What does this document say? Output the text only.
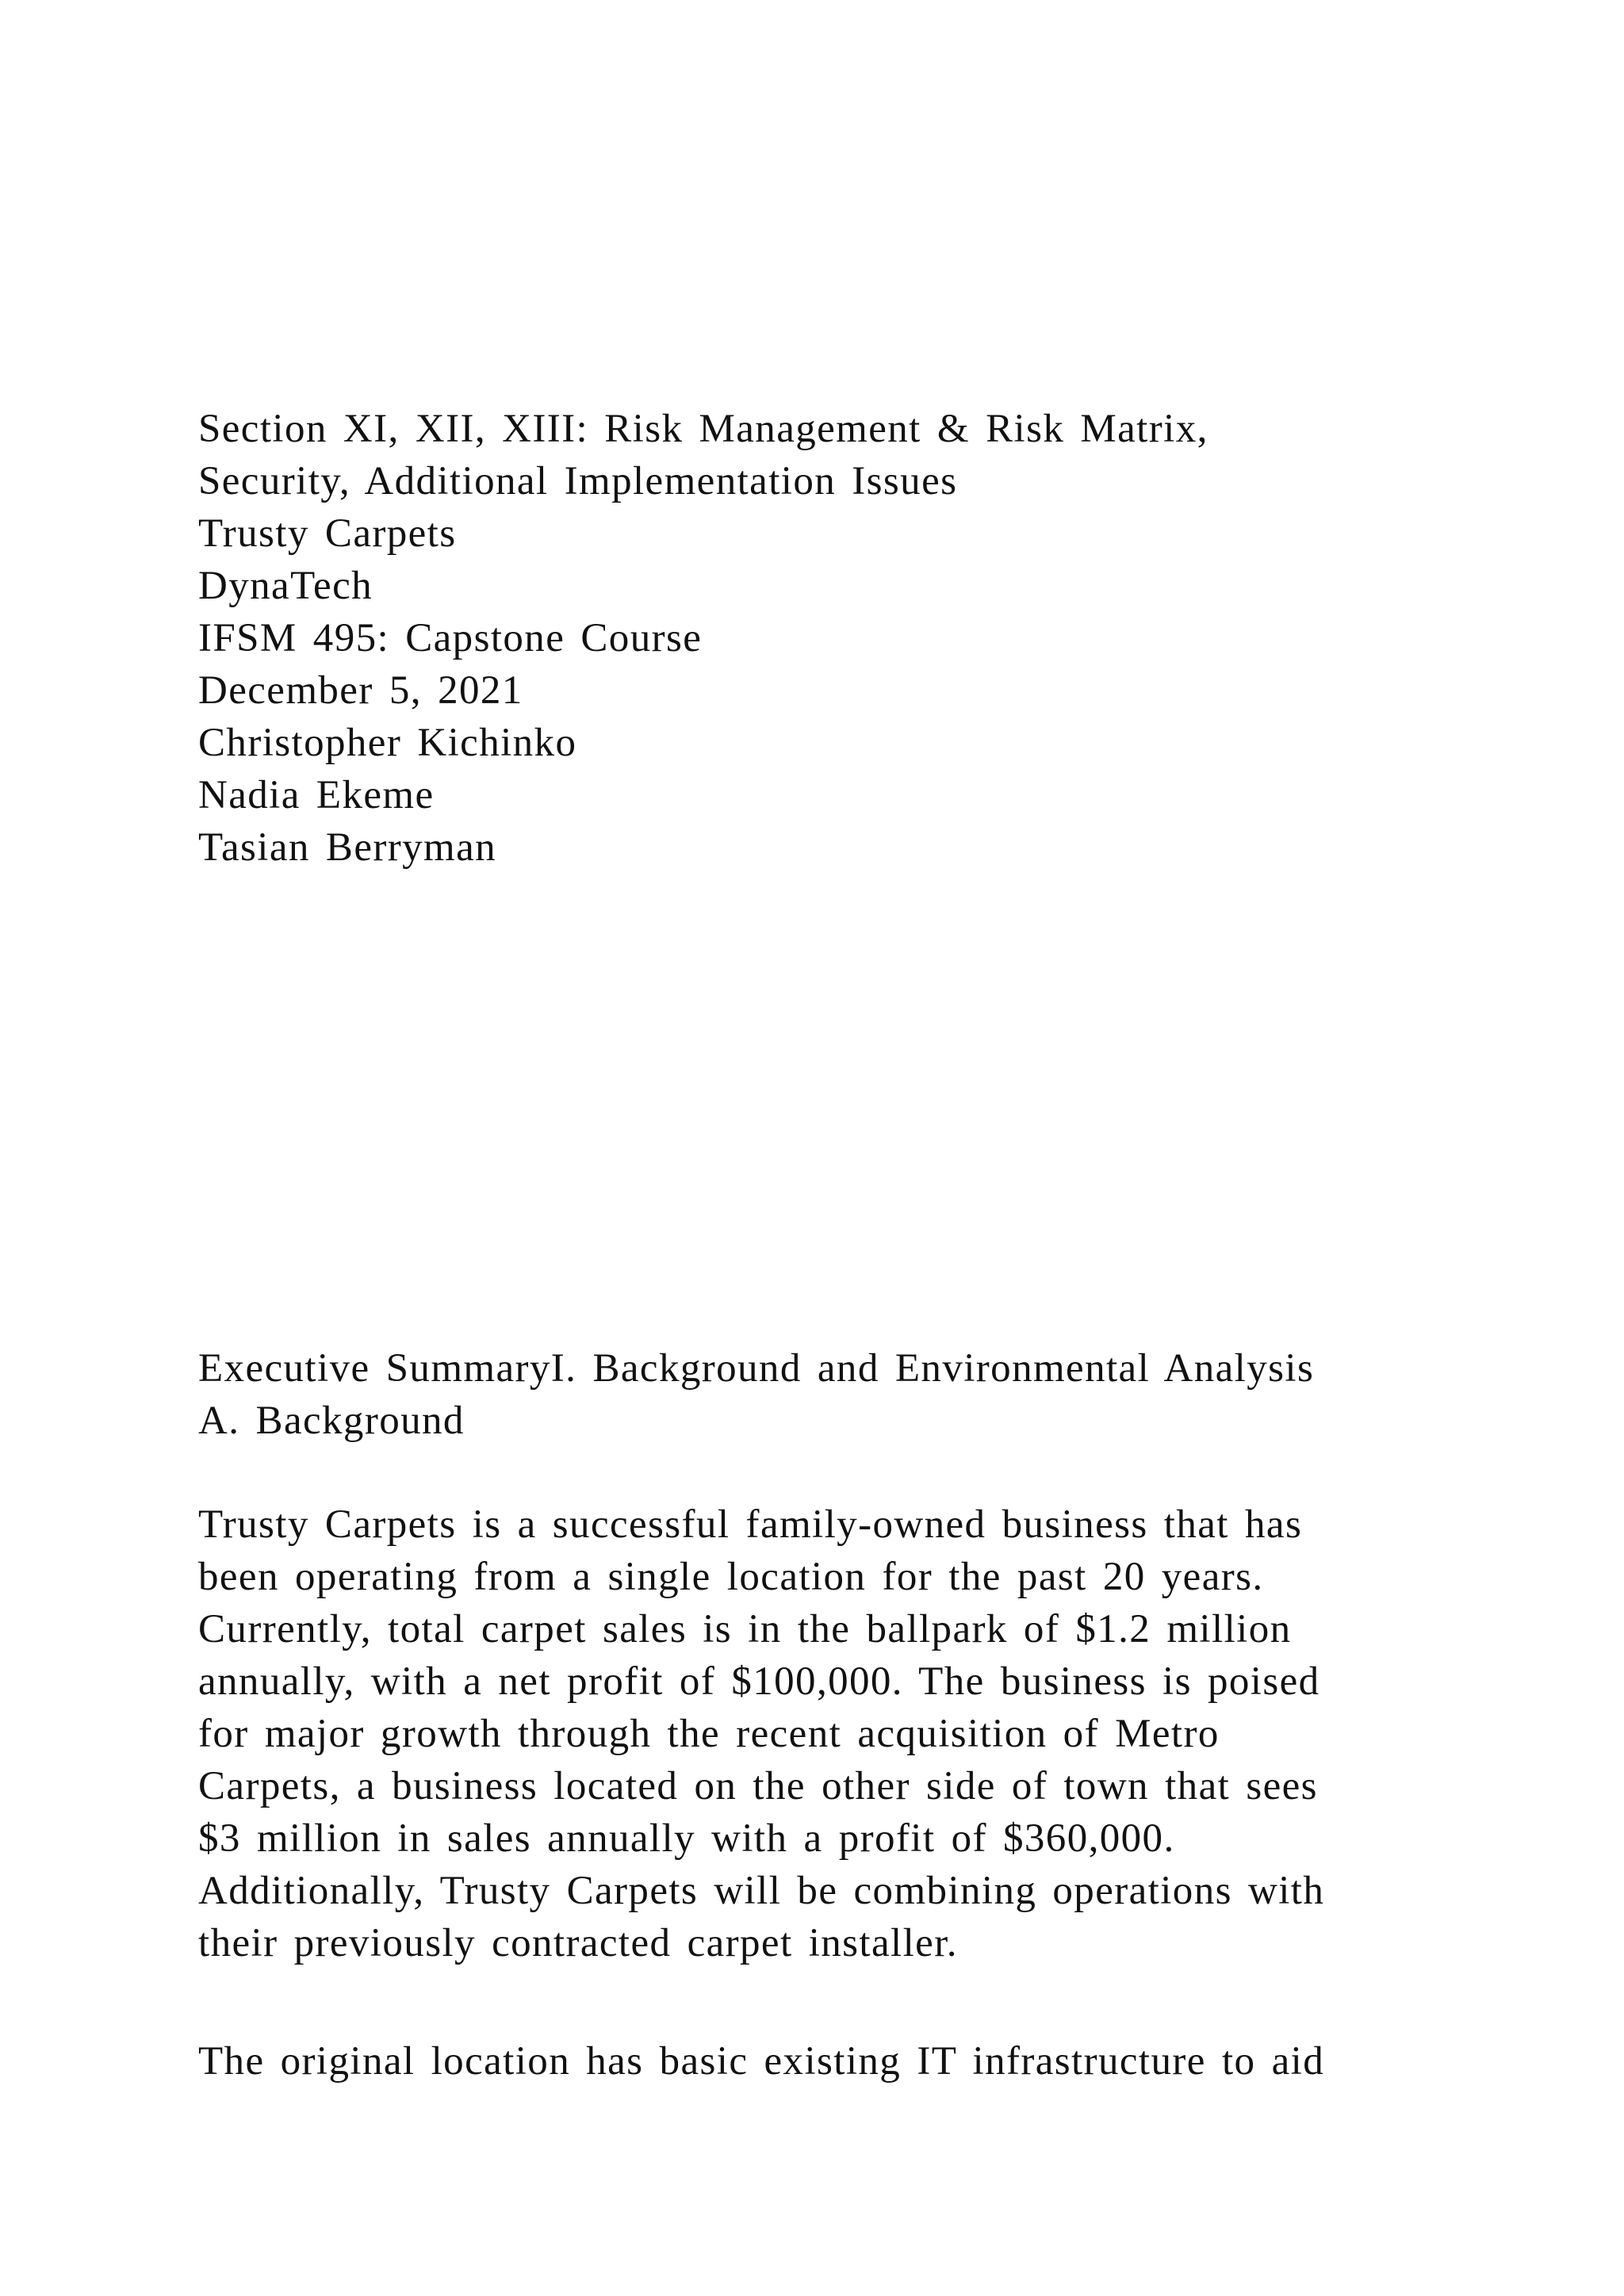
Section XI, XII, XIII: Risk Management & Risk Matrix,
Security, Additional Implementation Issues
Trusty Carpets
DynaTech
IFSM 495: Capstone Course
December 5, 2021
Christopher Kichinko
Nadia Ekeme
Tasian Berryman
Executive SummaryI. Background and Environmental Analysis
A. Background
Trusty Carpets is a successful family-owned business that has
been operating from a single location for the past 20 years.
Currently, total carpet sales is in the ballpark of $1.2 million
annually, with a net profit of $100,000. The business is poised
for major growth through the recent acquisition of Metro
Carpets, a business located on the other side of town that sees
$3 million in sales annually with a profit of $360,000.
Additionally, Trusty Carpets will be combining operations with
their previously contracted carpet installer.
The original location has basic existing IT infrastructure to aid
